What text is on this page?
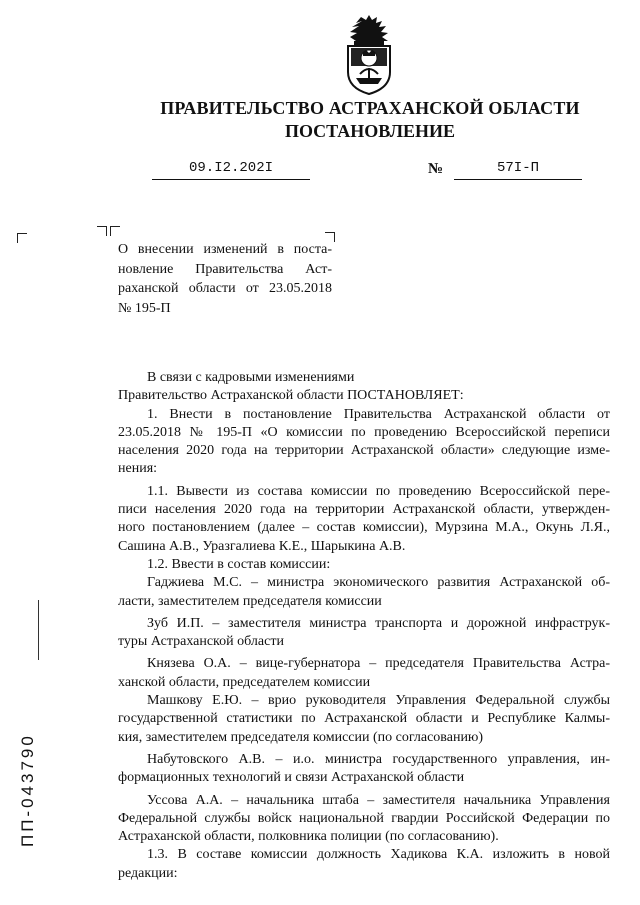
ПРАВИТЕЛЬСТВО АСТРАХАНСКОЙ ОБЛАСТИ
ПОСТАНОВЛЕНИЕ
09.I2.202I	№	57I-П
О внесении изменений в поста-
новление Правительства Аст-
раханской области от 23.05.2018
№ 195-П
В связи с кадровыми изменениями
Правительство Астраханской области ПОСТАНОВЛЯЕТ:
1. Внести в постановление Правительства Астраханской области от
23.05.2018 № 195-П «О комиссии по проведению Всероссийской переписи
населения 2020 года на территории Астраханской области» следующие изме-
нения:
1.1. Вывести из состава комиссии по проведению Всероссийской пере-
писи населения 2020 года на территории Астраханской области, утвержден-
ного постановлением (далее – состав комиссии), Мурзина М.А., Окунь Л.Я.,
Сашина А.В., Уразгалиева К.Е., Шарыкина А.В.
1.2. Ввести в состав комиссии:
Гаджиева М.С. – министра экономического развития Астраханской об-
ласти, заместителем председателя комиссии
Зуб И.П. – заместителя министра транспорта и дорожной инфраструк-
туры Астраханской области
Князева О.А. – вице-губернатора – председателя Правительства Астра-
ханской области, председателем комиссии
Машкову Е.Ю. – врио руководителя Управления Федеральной службы
государственной статистики по Астраханской области и Республике Калмы-
кия, заместителем председателя комиссии (по согласованию)
Набутовского А.В. – и.о. министра государственного управления, ин-
формационных технологий и связи Астраханской области
Уссова А.А. – начальника штаба – заместителя начальника Управления
Федеральной службы войск национальной гвардии Российской Федерации по
Астраханской области, полковника полиции (по согласованию).
1.3. В составе комиссии должность Хадикова К.А. изложить в новой
редакции:
ПП-043790
